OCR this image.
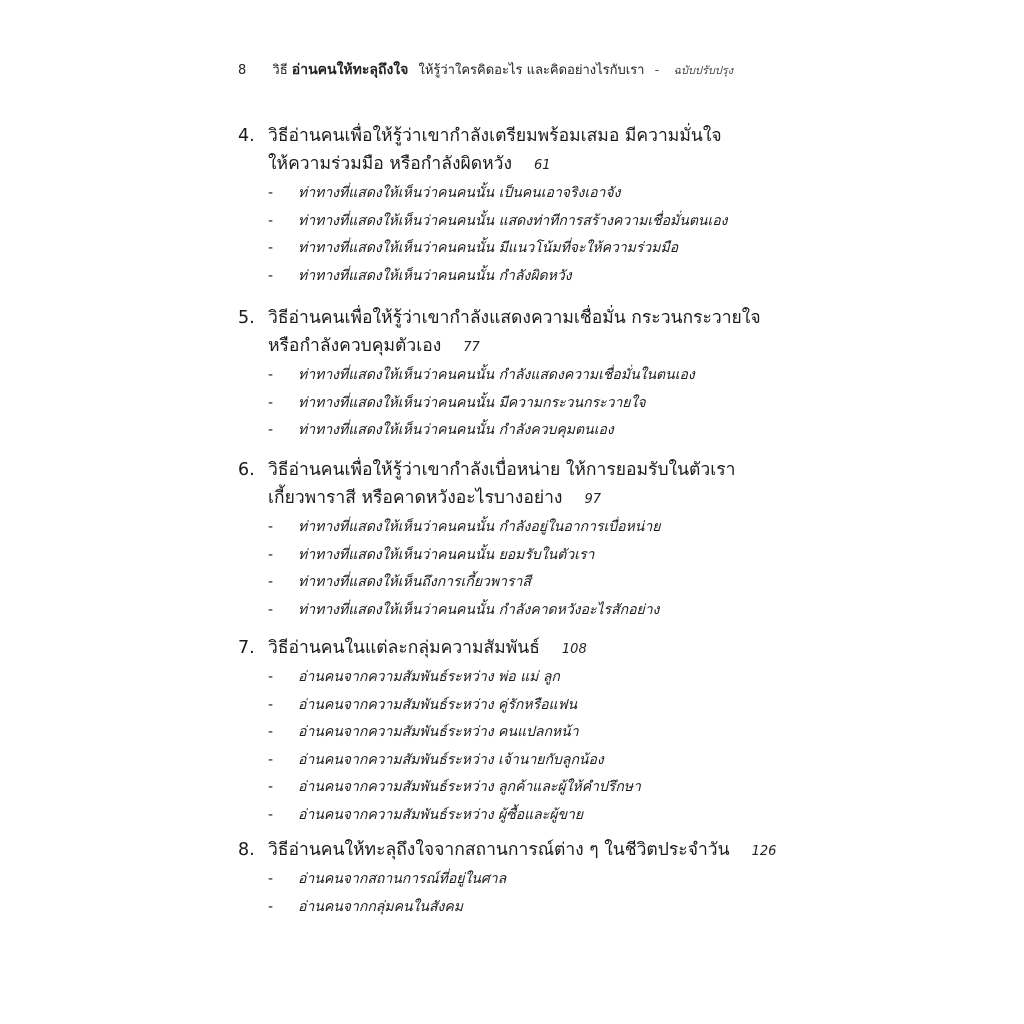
8 วิธี อ่านคนให้ทะลุถึงใจ ให้รู้ว่าใครคิดอะไร และคิดอย่างไรกับเรา - ฉบับปรับปรุง

4. วิธีอ่านคนเพื่อให้รู้ว่าเขากำลังเตรียมพร้อมเสมอ มีความมั่นใจ
ให้ความร่วมมือ หรือกำลังผิดหวัง 61

- ท่าทางที่แสดงให้เห็นว่าคนคนนั้น เป็นคนเอาจริงเอาจัง
- ท่าทางที่แสดงให้เห็นว่าคนคนนั้น แสดงท่าทีการสร้างความเชื่อมั่นตนเอง
- ท่าทางที่แสดงให้เห็นว่าคนคนนั้น มีแนวโน้มที่จะให้ความร่วมมือ
- ท่าทางที่แสดงให้เห็นว่าคนคนนั้น กำลังผิดหวัง

5. วิธีอ่านคนเพื่อให้รู้ว่าเขากำลังแสดงความเชื่อมั่น กระวนกระวายใจ
หรือกำลังควบคุมตัวเอง 77

- ท่าทางที่แสดงให้เห็นว่าคนคนนั้น กำลังแสดงความเชื่อมั่นในตนเอง
- ท่าทางที่แสดงให้เห็นว่าคนคนนั้น มีความกระวนกระวายใจ
- ท่าทางที่แสดงให้เห็นว่าคนคนนั้น กำลังควบคุมตนเอง

6. วิธีอ่านคนเพื่อให้รู้ว่าเขากำลังเบื่อหน่าย ให้การยอมรับในตัวเรา
เกี้ยวพาราสี หรือคาดหวังอะไรบางอย่าง 97

- ท่าทางที่แสดงให้เห็นว่าคนคนนั้น กำลังอยู่ในอาการเบื่อหน่าย
- ท่าทางที่แสดงให้เห็นว่าคนคนนั้น ยอมรับในตัวเรา
- ท่าทางที่แสดงให้เห็นถึงการเกี้ยวพาราสี
- ท่าทางที่แสดงให้เห็นว่าคนคนนั้น กำลังคาดหวังอะไรสักอย่าง

7. วิธีอ่านคนในแต่ละกลุ่มความสัมพันธ์ 108

- อ่านคนจากความสัมพันธ์ระหว่าง พ่อ แม่ ลูก
- อ่านคนจากความสัมพันธ์ระหว่าง คู่รักหรือแฟน
- อ่านคนจากความสัมพันธ์ระหว่าง คนแปลกหน้า
- อ่านคนจากความสัมพันธ์ระหว่าง เจ้านายกับลูกน้อง
- อ่านคนจากความสัมพันธ์ระหว่าง ลูกค้าและผู้ให้คำปรึกษา
- อ่านคนจากความสัมพันธ์ระหว่าง ผู้ซื้อและผู้ขาย

8. วิธีอ่านคนให้ทะลุถึงใจจากสถานการณ์ต่าง ๆ ในชีวิตประจำวัน 126

- อ่านคนจากสถานการณ์ที่อยู่ในศาล
- อ่านคนจากกลุ่มคนในสังคม
